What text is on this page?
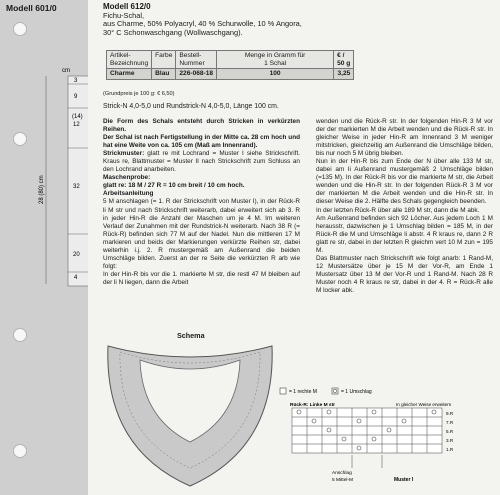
Modell 601/0
cm
3
9
(14)
12
32
20
4
28 (80) cm
Modell 612/0
Fichu-Schal,
aus Charme, 50% Polyacryl, 40 % Schurwolle, 10 % Angora,
30° C Schonwaschgang (Wollwaschgang).
Artikel-
Bezeichnung	Farbe	Bestell-
Nummer	Menge in Gramm für
1 Schal	€ /
50 g
Charme	Blau	226-068-18	100	3,25
(Grundpreis je 100 g: € 6,50)
Strick-N 4,0-5,0 und Rundstrick-N 4,0-5,0, Länge 100 cm.

Die Form des Schals entsteht durch Stricken in verkürzten Reihen.

Der Schal ist nach Fertigstellung in der Mitte ca. 28 cm hoch und hat eine Weite von ca. 105 cm (Maß am Innenrand).

Strickmuster: glatt re mit Lochrand = Muster I siehe Strickschrift. Kraus re, Blattmuster = Muster II nach Strickschrift zum Schluss an den Lochrand anarbeiten.

Maschenprobe:
glatt re: 18 M / 27 R = 10 cm breit / 10 cm hoch.

Arbeitsanleitung

5 M anschlagen (= 1. R der Strickschrift von Muster I), in der Rück-R li M str und nach Strickschrift weiterarb, dabei erweitert sich ab 3. R in jeder Hin-R die Anzahl der Maschen um je 4 M. Im weiteren Verlauf der Zunahmen mit der Rundstrick-N weiterarb. Nach 38 R (= Rück-R) befinden sich 77 M auf der Nadel. Nun die mittleren 17 M markieren und beids der Markierungen verkürzte Reihen str, dabei weiterhin i.j. 2. R mustergemäß am Außenrand die beiden Umschläge bilden. Zuerst an der re Seite die verkürzten R arb wie folgt:

In der Hin-R bis vor die 1. markierte M str, die restl 47 M bleiben auf der li N liegen, dann die Arbeit

wenden und die Rück-R str. In der folgenden Hin-R 3 M vor der der markierten M die Arbeit wenden und die Rück-R str. In gleicher Weise in jeder Hin-R am Innenrand 3 M weniger mitstricken, gleichzeitig am Außenrand die Umschläge bilden, bis nur noch 5 M übrig bleiben.

Nun in der Hin-R bis zum Ende der N über alle 133 M str, dabei am li Außenrand mustergemäß 2 Umschläge bilden (=135 M). In der Rück-R bis vor die markierte M str, die Arbeit wenden und die Hin-R str. In der folgenden Rück-R 3 M vor der markierten M die Arbeit wenden und die Hin-R str. In dieser Weise die 2. Hälfte des Schals gegengleich beenden.

In der letzten Rück-R über alle 189 M str, dann die M abk.

Am Außenrand befinden sich 92 Löcher. Aus jedem Loch 1 M herausstr, dazwischen je 1 Umschlag bilden = 185 M, in der Rück-R die M und Umschläge li abstr. 4 R kraus re, dann 2 R glatt re str, dabei in der letzten R gleichm vert 10 M zun = 195 M.

Das Blattmuster nach Strickschrift wie folgt anarb: 1 Rand-M, 12 Mustersätze über je 15 M der Vor-R, am Ende 1 Mustersatz über 13 M der Vor-R und 1 Rand-M. Nach 28 R Muster noch 4 R kraus re str, dabei in der 4. R = Rück-R alle M locker abk.

Schema
= 1 rechte M	= 1 Umschlag
Rück-R: Linke M str	In gleicher Weise erweitern
9.R
7.R
5.R
3.R
1.R
Anschlag
5 Mittel-M	Muster I
